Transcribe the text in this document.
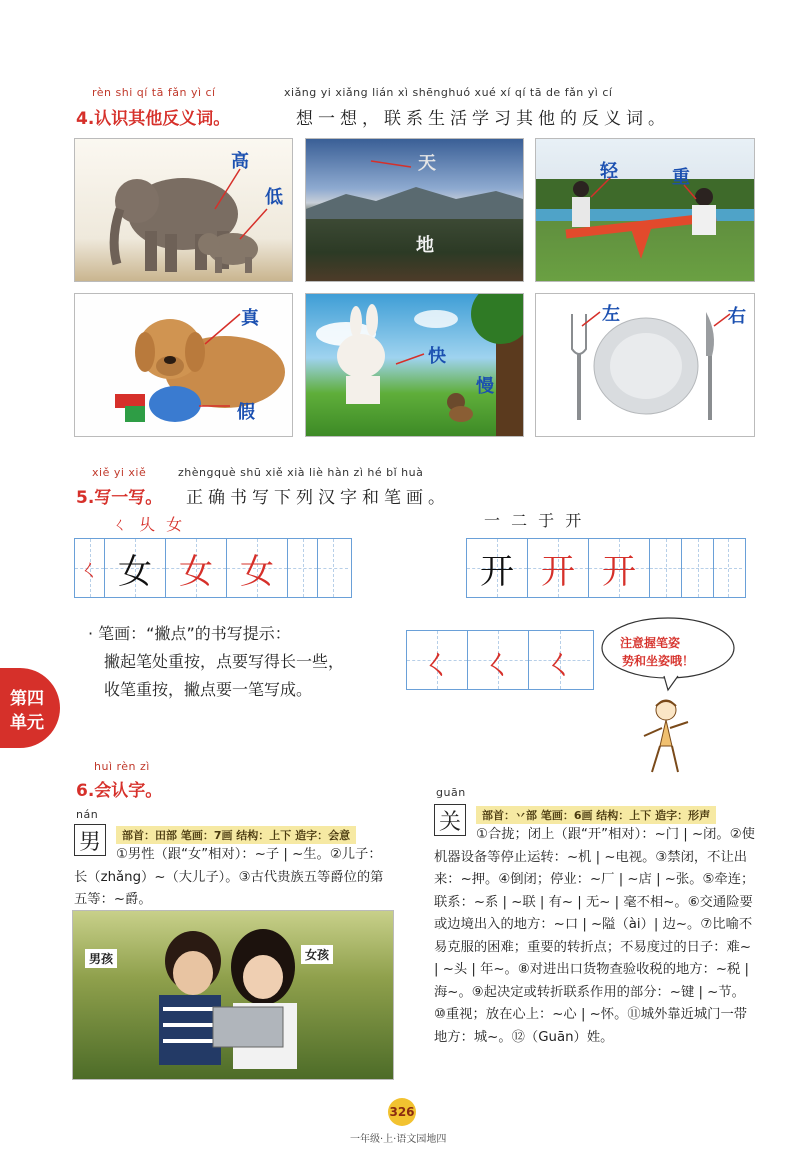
rèn shi qí tā fǎn yì cí	xiǎng yi xiǎng lián xì shēnghuó xué xí qí tā de fǎn yì cí
4.认识其他反义词。	想一想，联系生活学习其他的反义词。
高
低
天
地
轻	重
真
假
快
慢
左	右
xiě yi xiě	zhèngquè shū xiě xià liè hàn zì hé bǐ huà
5.写一写。 正确书写下列汉字和笔画。
ㄑ 乆 女	一 二 于 开
ㄑ 女 女 女	开 开 开
· 笔画：“撇点”的书写提示：
撇起笔处重按，点要写得长一些，
收笔重按，撇点要一笔写成。
ㄑ ㄑ ㄑ
注意握笔姿
势和坐姿哦！
第四
单元
huì rèn zì
6.会认字。
nán
男	部首：田部 笔画：7画 结构：上下 造字：会意
①男性（跟“女”相对）：~子 | ~生。②儿子：长（zhǎng）~（大儿子）。③古代贵族五等爵位的第五等：~爵。
男孩	女孩
guān
关	部首：丷部 笔画：6画 结构：上下 造字：形声
①合拢；闭上（跟“开”相对）：~门 | ~闭。②使机器设备等停止运转：~机 | ~电视。③禁闭，不让出来：~押。④倒闭；停业：~厂 | ~店 | ~张。⑤牵连；联系：~系 | ~联 | 有~ | 无~ | 毫不相~。⑥交通险要或边境出入的地方：~口 | ~隘（ài）| 边~。⑦比喻不易克服的困难；重要的转折点；不易度过的日子：难~ | ~头 | 年~。⑧对进出口货物查验收税的地方：~税 | 海~。⑨起决定或转折联系作用的部分：~键 | ~节。⑩重视；放在心上：~心 | ~怀。⑪城外靠近城门一带地方：城~。⑫（Guān）姓。
326
一年级·上·语文园地四
